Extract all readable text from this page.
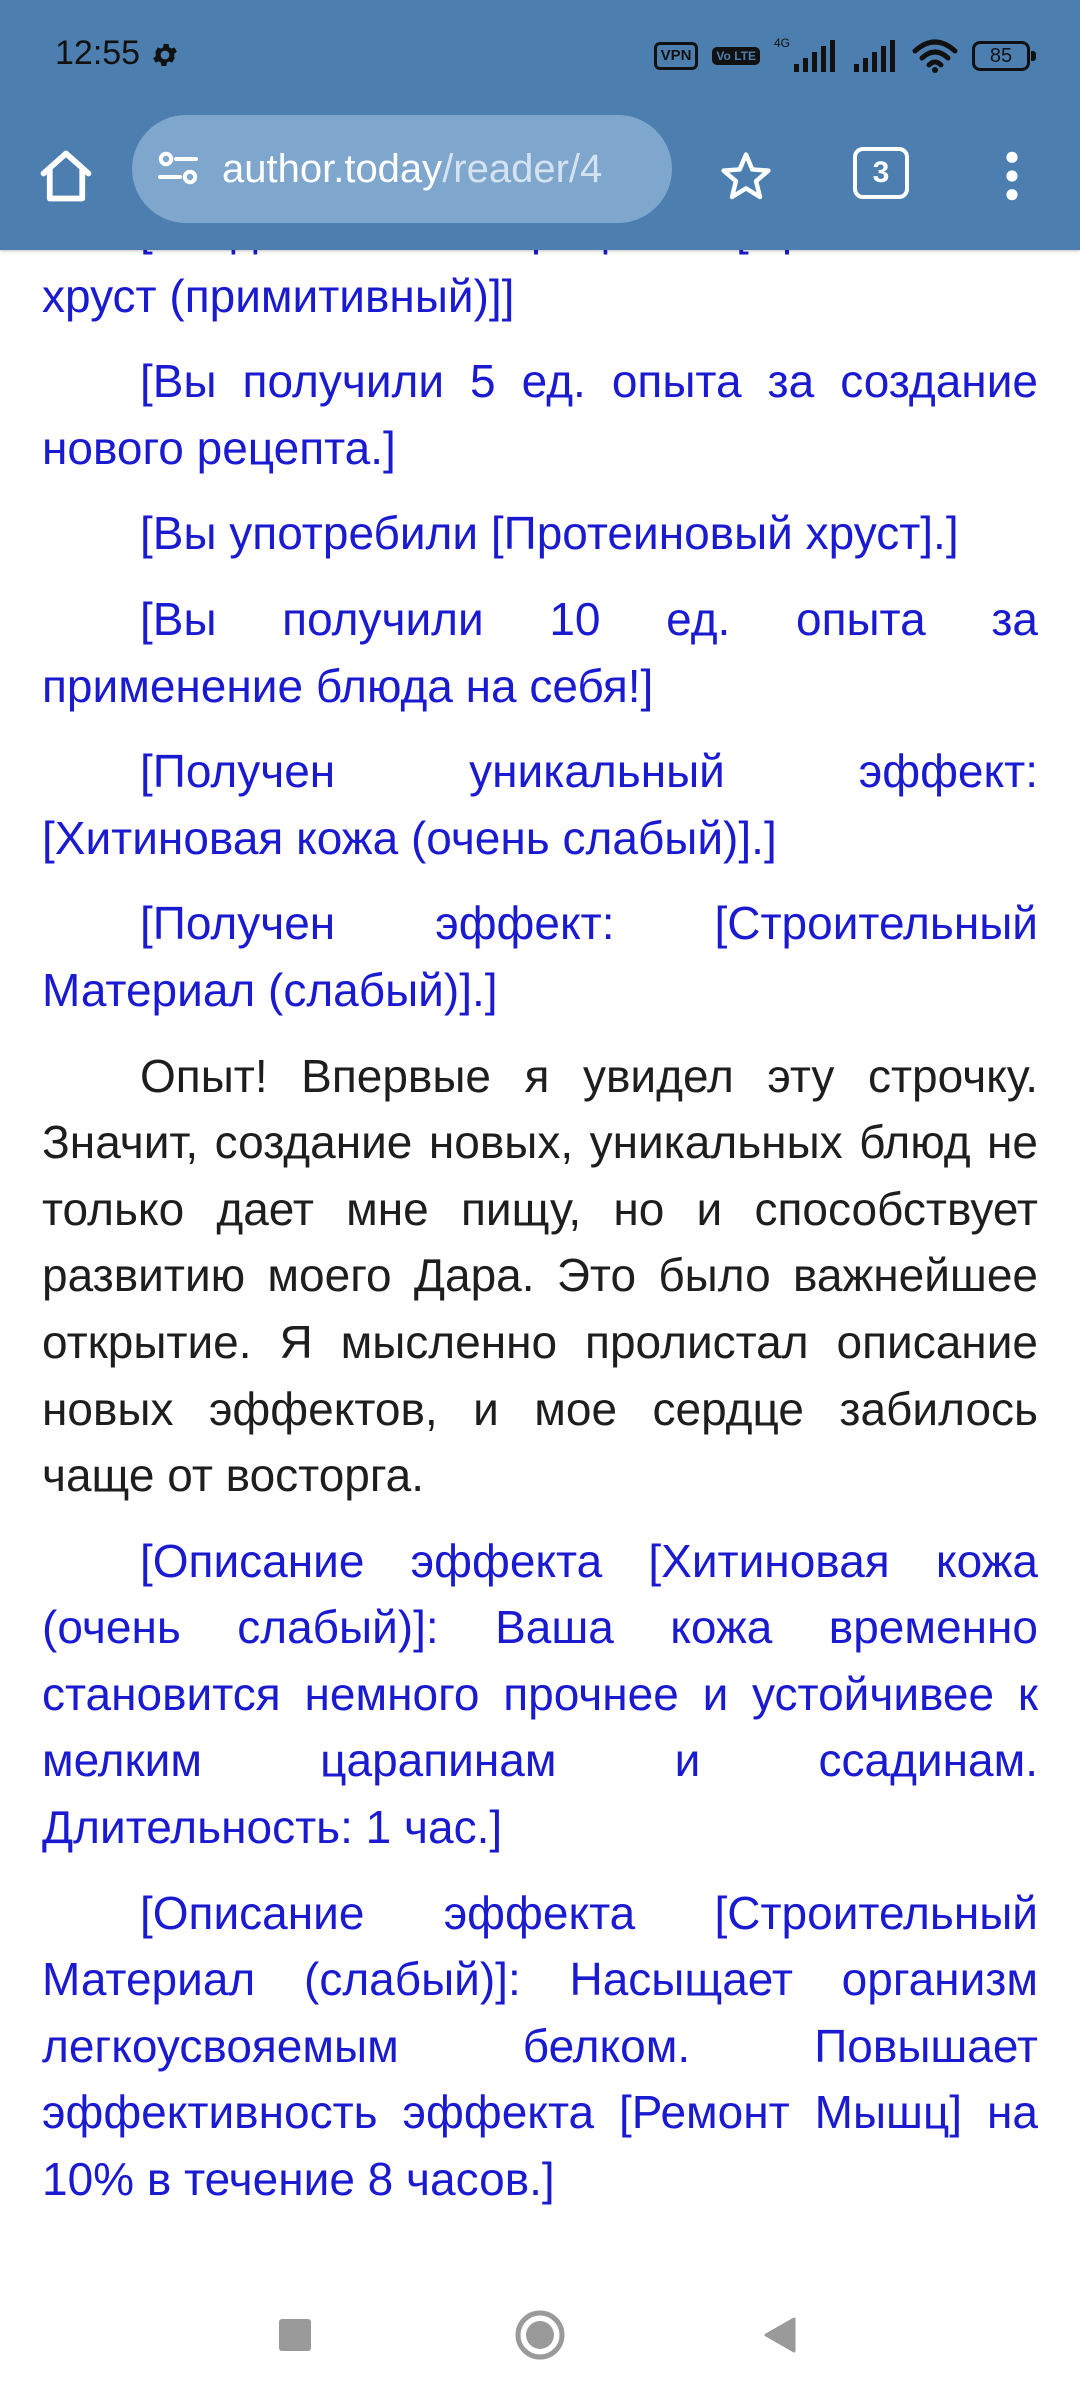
12:55	VPN	Vo LTE
4G
85
author.today/reader/4	3

хруст (примитивный)]]

[Вы получили 5 ед. опыта за создание нового рецепта.]

[Вы употребили [Протеиновый хруст].]

[Вы получили 10 ед. опыта за применение блюда на себя!]

[Получен уникальный эффект: [Хитиновая кожа (очень слабый)].]

[Получен эффект: [Строительный Материал (слабый)].]

Опыт! Впервые я увидел эту строчку. Значит, создание новых, уникальных блюд не только дает мне пищу, но и способствует развитию моего Дара. Это было важнейшее открытие. Я мысленно пролистал описание новых эффектов, и мое сердце забилось чаще от восторга.

[Описание эффекта [Хитиновая кожа (очень слабый)]: Ваша кожа временно становится немного прочнее и устойчивее к мелким царапинам и ссадинам. Длительность: 1 час.]

[Описание эффекта [Строительный Материал (слабый)]: Насыщает организм легкоусвояемым белком. Повышает эффективность эффекта [Ремонт Мышц] на 10% в течение 8 часов.]
